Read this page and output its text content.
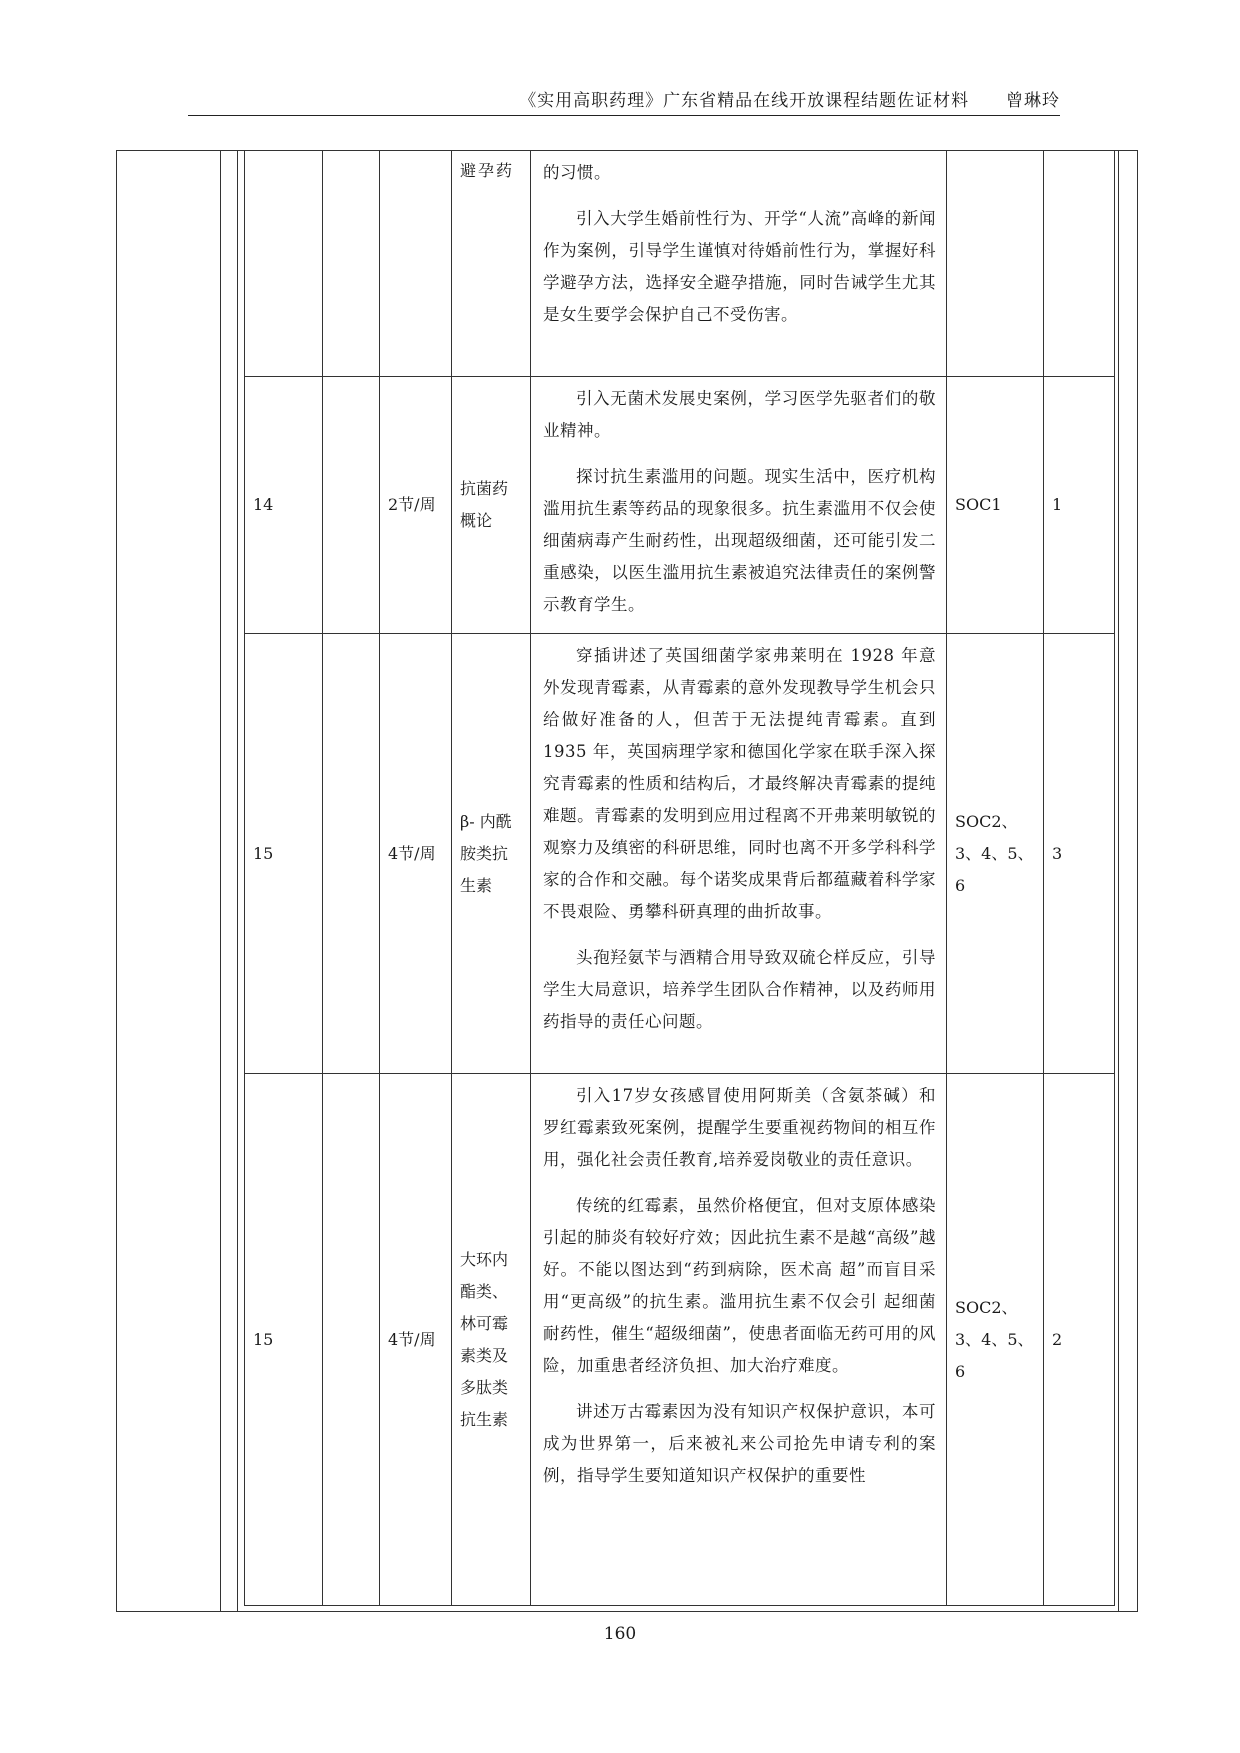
《实用高职药理》广东省精品在线开放课程结题佐证材料 曾琳玲
			避孕药	的习惯。

引入大学生婚前性行为、开学“人流”高峰的新闻作为案例，引导学生谨慎对待婚前性行为，掌握好科学避孕方法，选择安全避孕措施，同时告诫学生尤其是女生要学会保护自己不受伤害。		

14		2节/周	抗菌药概论	引入无菌术发展史案例，学习医学先驱者们的敬业精神。

探讨抗生素滥用的问题。现实生活中，医疗机构滥用抗生素等药品的现象很多。抗生素滥用不仅会使细菌病毒产生耐药性，出现超级细菌，还可能引发二重感染，以医生滥用抗生素被追究法律责任的案例警示教育学生。	SOC1	1
15		4节/周	β- 内酰胺类抗生素	穿插讲述了英国细菌学家弗莱明在 1928 年意外发现青霉素，从青霉素的意外发现教导学生机会只给做好准备的人，但苦于无法提纯青霉素。直到 1935 年，英国病理学家和德国化学家在联手深入探究青霉素的性质和结构后，才最终解决青霉素的提纯难题。青霉素的发明到应用过程离不开弗莱明敏锐的观察力及缜密的科研思维，同时也离不开多学科科学家的合作和交融。每个诺奖成果背后都蕴藏着科学家不畏艰险、勇攀科研真理的曲折故事。

头孢羟氨苄与酒精合用导致双硫仑样反应，引导学生大局意识，培养学生团队合作精神，以及药师用药指导的责任心问题。	SOC2、3、4、5、6	3
15		4节/周	大环内酯类、林可霉素类及多肽类抗生素	引入17岁女孩感冒使用阿斯美（含氨茶碱）和罗红霉素致死案例，提醒学生要重视药物间的相互作用，强化社会责任教育,培养爱岗敬业的责任意识。

传统的红霉素，虽然价格便宜，但对支原体感染引起的肺炎有较好疗效；因此抗生素不是越“高级”越好。不能以图达到“药到病除，医术高 超”而盲目采用“更高级”的抗生素。滥用抗生素不仅会引 起细菌耐药性，催生“超级细菌”，使患者面临无药可用的风险，加重患者经济负担、加大治疗难度。

讲述万古霉素因为没有知识产权保护意识，本可成为世界第一，后来被礼来公司抢先申请专利的案例，指导学生要知道知识产权保护的重要性	SOC2、3、4、5、6	2
160
